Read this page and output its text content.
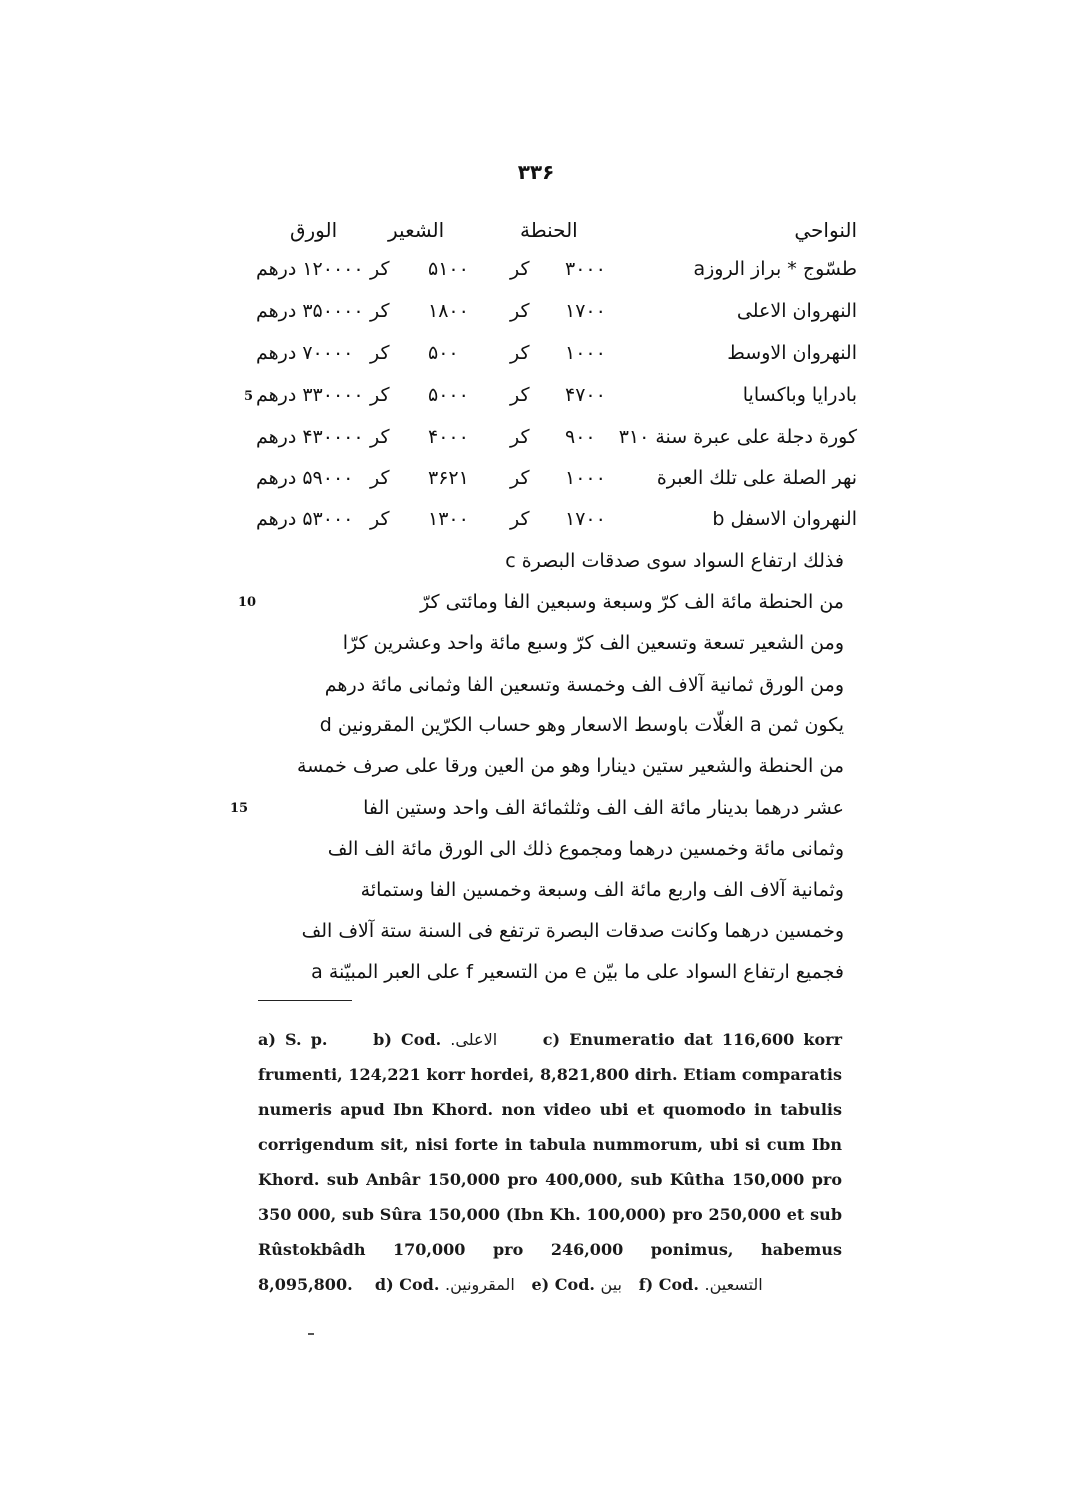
۳۳۶
النواحي
الحنطة
الشعير
الورق
طسّوج * براز الروزa
۳۰۰۰
كر
۵۱۰۰
كر
۱۲۰۰۰۰ درهم
النهروان الاعلى
۱۷۰۰
كر
۱۸۰۰
كر
۳۵۰۰۰۰ درهم
النهروان الاوسط
۱۰۰۰
كر
۵۰۰
كر
۷۰۰۰۰ درهم
بادرايا وباكسايا
۴۷۰۰
كر
۵۰۰۰
كر
۳۳۰۰۰۰ درهم
5
كورة دجلة على عبرة سنة ۳۱۰
۹۰۰
كر
۴۰۰۰
كر
۴۳۰۰۰۰ درهم
نهر الصلة على تلك العبرة
۱۰۰۰
كر
۳۶۲۱
كر
۵۹۰۰۰ درهم
النهروان الاسفل b
۱۷۰۰
كر
۱۳۰۰
كر
۵۳۰۰۰ درهم
فذلك ارتفاع السواد سوى صدقات البصرة c
من الحنطة مائة الف كرّ وسبعة وسبعين الفا ومائتى كرّ
10
ومن الشعير تسعة وتسعين الف كرّ وسبع مائة واحد وعشرين كرّا
ومن الورق ثمانية آلاف الف وخمسة وتسعين الفا وثمانى مائة درهم
يكون ثمن a الغلّات باوسط الاسعار وهو حساب الكرّين المقرونين d
من الحنطة والشعير ستين دينارا وهو من العين ورقا على صرف خمسة
عشر درهما بدينار مائة الف الف وثلثمائة الف واحد وستين الفا
15
وثمانى مائة وخمسين درهما ومجموع ذلك الى الورق مائة الف الف
وثمانية آلاف الف واربع مائة الف وسبعة وخمسين الفا وستمائة
وخمسين درهما وكانت صدقات البصرة ترتفع فى السنة ستة آلاف الف
فجميع ارتفاع السواد على ما بيّن e من التسعير f على العبر المبيّنة a
a) S. p.	b) Cod. الاعلى.	c) Enumeratio dat 116,600 korr frumenti, 124,221 korr hordei, 8,821,800 dirh. Etiam comparatis numeris apud Ibn Khord. non video ubi et quomodo in tabulis corrigendum sit, nisi forte in tabula nummorum, ubi si cum Ibn Khord. sub Anbâr 150,000 pro 400,000, sub Kûtha 150,000 pro 350 000, sub Sûra 150,000 (Ibn Kh. 100,000) pro 250,000 et sub Rûstokbâdh 170,000 pro 246,000 ponimus, habemus 8,095,800. d) Cod. المقرونين. e) Cod. بين f) Cod. التسعين.
